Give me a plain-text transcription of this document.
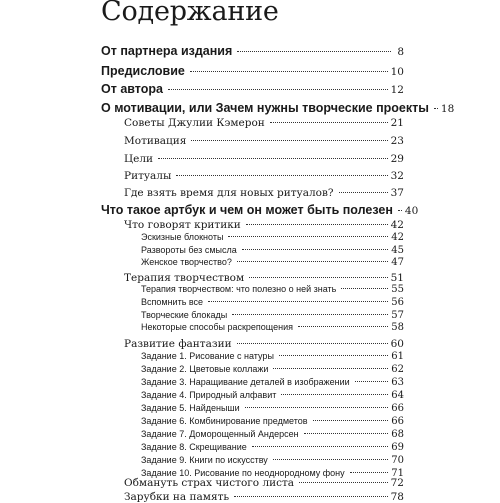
Содержание
От партнера издания	8
Предисловие	10
От автора	12
О мотивации, или Зачем нужны творческие проекты 18
Советы Джулии Кэмерон	21
Мотивация	23
Цели	29
Ритуалы	32
Где взять время для новых ритуалов?	37
Что такое артбук и чем он может быть полезен 40
Что говорят критики	42
Эскизные блокноты	42
Развороты без смысла	45
Женское творчество?	47
Терапия творчеством	51
Терапия творчеством: что полезно о ней знать	55
Вспомнить все	56
Творческие блокады	57
Некоторые способы раскрепощения	58
Развитие фантазии	60
Задание 1. Рисование с натуры	61
Задание 2. Цветовые коллажи	62
Задание 3. Наращивание деталей в изображении	63
Задание 4. Природный алфавит	64
Задание 5. Найденыши	66
Задание 6. Комбинирование предметов	66
Задание 7. Доморощенный Андерсен	68
Задание 8. Скрещивание	69
Задание 9. Книги по искусству	70
Задание 10. Рисование по неоднородному фону	71
Обмануть страх чистого листа	72
Зарубки на память	78
